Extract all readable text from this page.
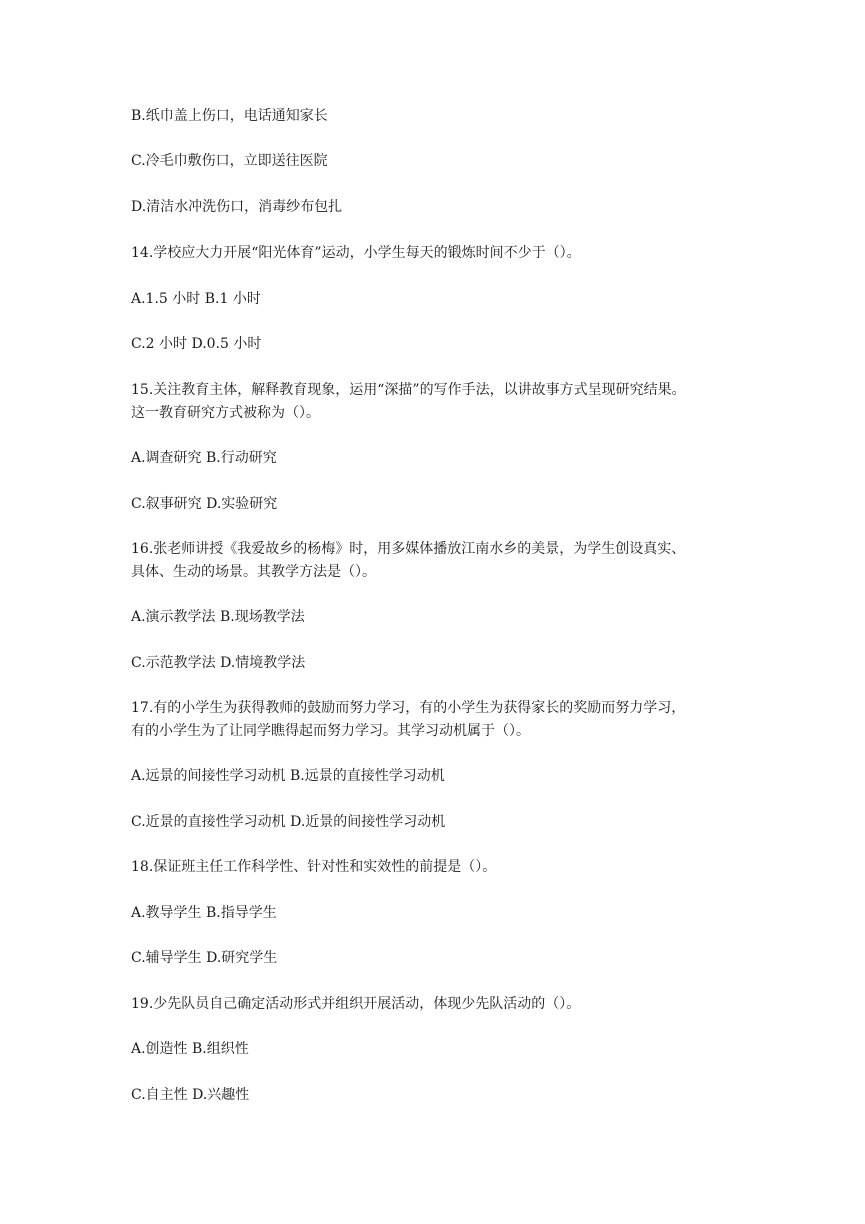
B.纸巾盖上伤口，电话通知家长
C.冷毛巾敷伤口，立即送往医院
D.清洁水冲洗伤口，消毒纱布包扎
14.学校应大力开展“阳光体育”运动，小学生每天的锻炼时间不少于（）。
A.1.5 小时 B.1 小时
C.2 小时 D.0.5 小时
15.关注教育主体，解释教育现象，运用“深描”的写作手法，以讲故事方式呈现研究结果。
这一教育研究方式被称为（）。
A.调查研究 B.行动研究
C.叙事研究 D.实验研究
16.张老师讲授《我爱故乡的杨梅》时，用多媒体播放江南水乡的美景，为学生创设真实、
具体、生动的场景。其教学方法是（）。
A.演示教学法 B.现场教学法
C.示范教学法 D.情境教学法
17.有的小学生为获得教师的鼓励而努力学习，有的小学生为获得家长的奖励而努力学习，
有的小学生为了让同学瞧得起而努力学习。其学习动机属于（）。
A.远景的间接性学习动机 B.远景的直接性学习动机
C.近景的直接性学习动机 D.近景的间接性学习动机
18.保证班主任工作科学性、针对性和实效性的前提是（）。
A.教导学生 B.指导学生
C.辅导学生 D.研究学生
19.少先队员自己确定活动形式并组织开展活动，体现少先队活动的（）。
A.创造性 B.组织性
C.自主性 D.兴趣性
